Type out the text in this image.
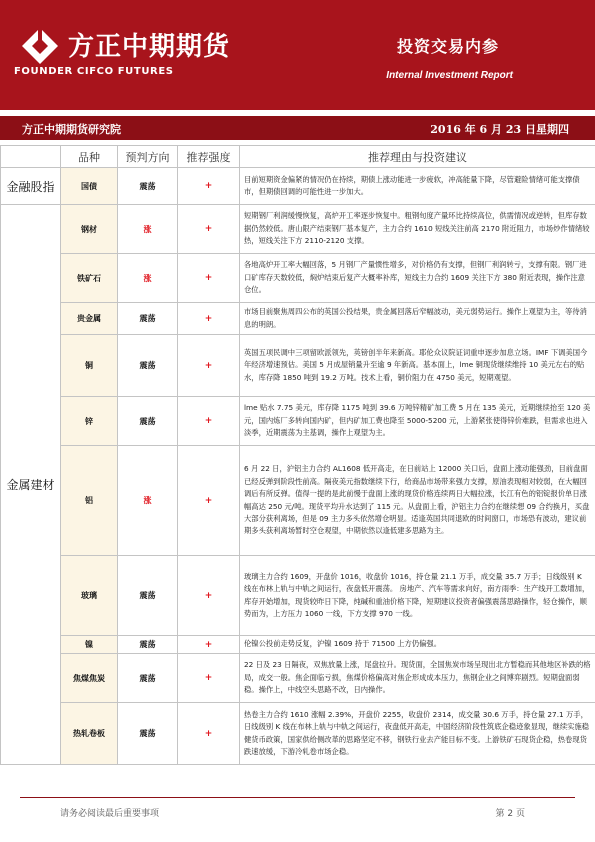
方正中期期货
FOUNDER CIFCO FUTURES
投资交易内参
Internal Investment Report
方正中期期货研究院	2016 年 6 月 23 日星期四
	品种	预判方向	推荐强度	推荐理由与投资建议
金融股指	国债	震荡	+	目前短期资金偏紧的情况仍在持续，期债上涨动能进一步疲软，冲高能量下降，尽管避险情绪可能支撑债市，但期债回调的可能性进一步加大。
金属建材	钢材	涨	+	短期钢厂利润缓慢恢复，高炉开工率逐步恢复中。粗钢旬度产量环比持续高位，供需情况或逆转，但库存数据仍然较低。唐山限产结束钢厂基本复产，主力合约 1610 短线关注前高 2170 附近阻力，市场炒作情绪较热，短线关注下方 2110-2120 支撑。
	铁矿石	涨	+	各地高炉开工率大幅回落，5 月钢厂产量惯性增多，对价格仍有支撑，但钢厂利润转亏，支撑有限。钢厂进口矿库存天数较低，焖炉结束后复产大概率补库，短线主力合约 1609 关注下方 380 附近表现，操作注意仓位。
	贵金属	震荡	+	市场目前聚焦周四公布的英国公投结果，贵金属回落后窄幅波动，美元弱势运行。操作上观望为主，等待消息的明朗。
	铜	震荡	+	英国五项民调中三项留欧派领先，英镑创半年来新高。耶伦众议院证词重申逐步加息立场。IMF 下调美国今年经济增速预估。美国 5 月成屋销量升至逾 9 年新高。基本面上，lme 铜现货继续维持 10 美元左右的贴水，库存降 1850 吨到 19.2 万吨。技术上看，铜价阻力在 4750 美元，短期观望。
	锌	震荡	+	lme 贴水 7.75 美元，库存降 1175 吨到 39.6 万吨锌精矿加工费 5 月在 135 美元，近期继续抬至 120 美元，国内炼厂多转向国内矿，但内矿加工费也降至 5000-5200 元，上游紧张使得锌价难跌，但需求也进入淡季，近期震荡为主基调，操作上观望为主。
	铝	涨	+	6 月 22 日，沪铝主力合约 AL1608 低开高走，在日前站上 12000 关口后，盘面上涨动能强劲，目前盘面已经反弹到阶段性前高。隔夜美元指数继续下行，给商品市场带来强力支撑，原油表现相对较弱，在大幅回调后有所反弹。值得一提的是此前慢于盘面上涨的现货价格连续两日大幅拉涨，长江有色的铝锭报价单日涨幅高达 250 元/吨。现货平均升水达到了 115 元。从盘面上看，沪铝主力合约在继续想 09 合约换月，买盘大部分获利离场，但是 09 主力多头依然增仓明显。适逢英国共同退欧的时间窗口，市场恐有波动，建议前期多头获利离场暂时空仓观望，中期依然以逢低建多思路为主。
	玻璃	震荡	+	玻璃主力合约 1609，开盘价 1016，收盘价 1016，持仓量 21.1 万手，成交量 35.7 万手；日线级别 K 线在布林上轨与中轨之间运行，夜盘低开震荡。 房地产、汽车等需求向好，南方雨季：生产线开工数增加，库存开始增加，现货较昨日下降，纯碱和重油价格下降，短期建议投资者偏强震荡思路操作，轻仓操作，顺势而为，上方压力 1060 一线，下方支撑 970 一线。
	镍	震荡	+	伦镍公投前走势反复，沪镍 1609 持于 71500 上方仍偏强。
	焦煤焦炭	震荡	+	22 日及 23 日隔夜，双焦放量上涨，尾盘拉升。现货面，全国焦炭市场呈现出北方暂稳而其他地区补跌的格局，成交一般。焦企面临亏损，焦煤价格偏高对焦企形成成本压力，焦钢企业之间博弈剧烈。短期盘面弱稳。操作上，中线空头思路不改，日内操作。
	热轧卷板	震荡	+	热卷主力合约 1610 涨幅 2.39%，开盘价 2255，收盘价 2314，成交量 30.6 万手，持仓量 27.1 万手，日线级别 K 线在布林上轨与中轨之间运行，夜盘低开高走，中国经济阶段性筑底企稳迹象显现，继续实施稳健货币政策，国家供给侧改革的思路坚定不移，钢铁行业去产能目标不变。上游铁矿石现货企稳，热卷现货跌速放缓，下游冷轧卷市场企稳。
请务必阅读最后重要事项	第 2 页
